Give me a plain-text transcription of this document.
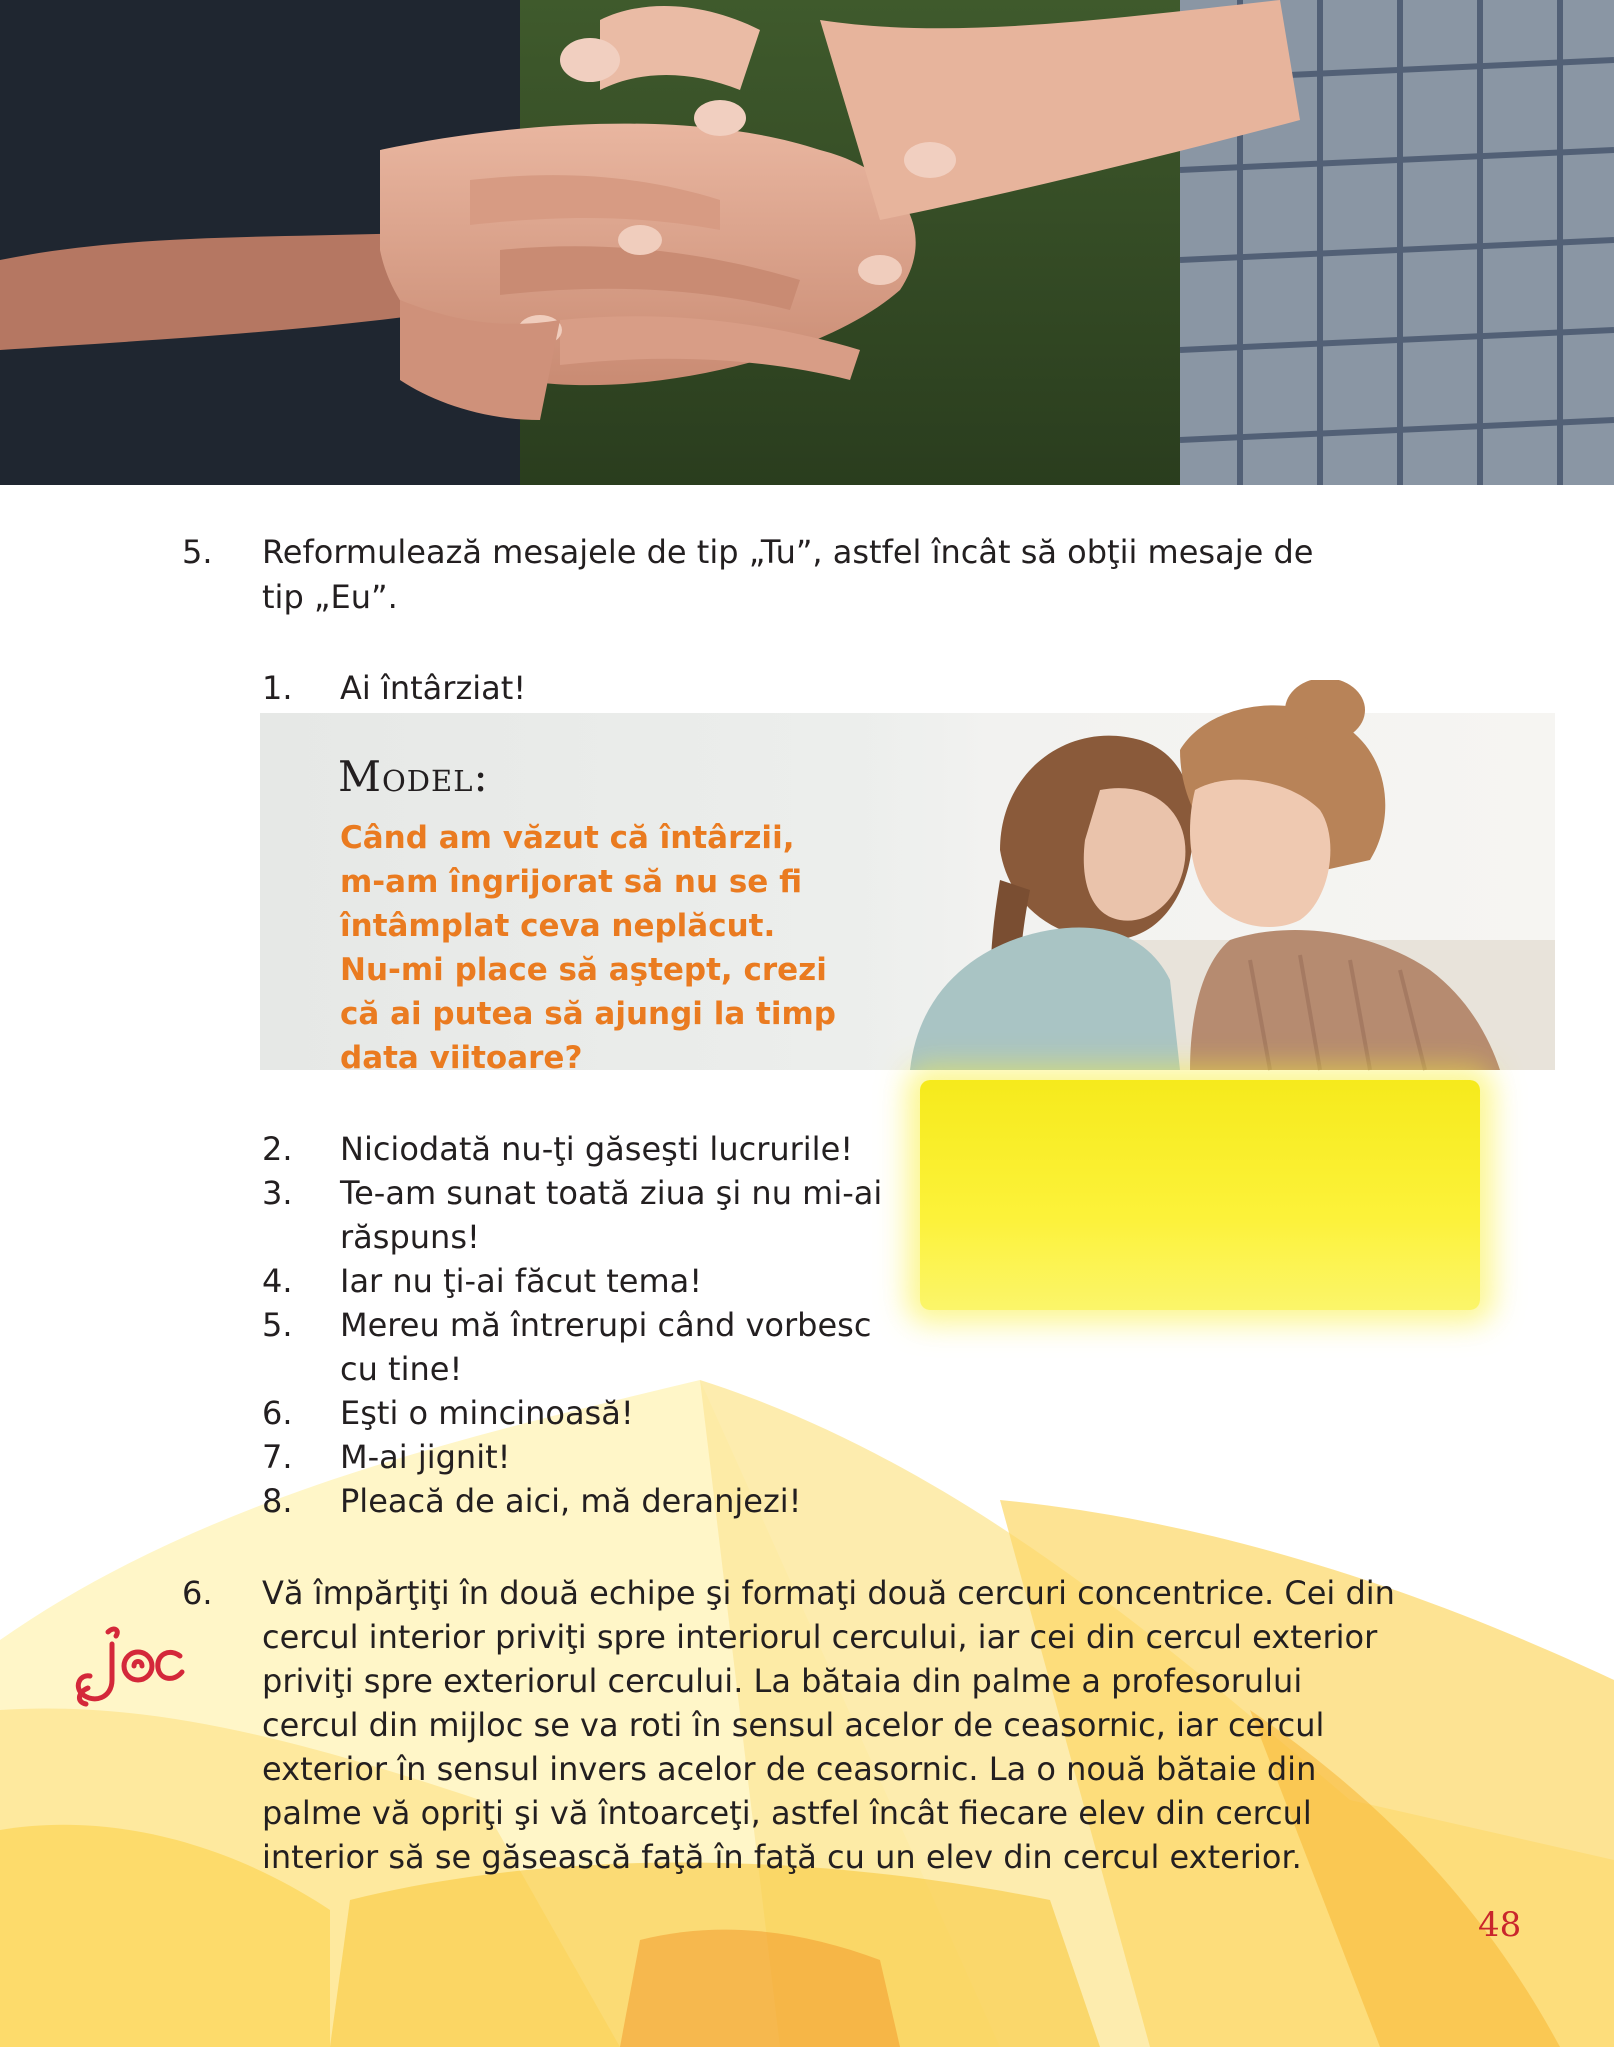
5. Reformulează mesajele de tip „Tu”, astfel încât să obţii mesaje de
tip „Eu”.
1. Ai întârziat!
Model:
Când am văzut că întârzii,
m-am îngrijorat să nu se fi
întâmplat ceva neplăcut.
Nu-mi place să aştept, crezi
că ai putea să ajungi la timp
data viitoare?
2. Niciodată nu-ţi găseşti lucrurile!
3. Te-am sunat toată ziua şi nu mi-ai
răspuns!
4. Iar nu ţi-ai făcut tema!
5. Mereu mă întrerupi când vorbesc
cu tine!
6. Eşti o mincinoasă!
7. M-ai jignit!
8. Pleacă de aici, mă deranjezi!
6. Vă împărţiţi în două echipe şi formaţi două cercuri concentrice. Cei din
cercul interior priviţi spre interiorul cercului, iar cei din cercul exterior
priviţi spre exteriorul cercului. La bătaia din palme a profesorului
cercul din mijloc se va roti în sensul acelor de ceasornic, iar cercul
exterior în sensul invers acelor de ceasornic. La o nouă bătaie din
palme vă opriţi şi vă întoarceţi, astfel încât fiecare elev din cercul
interior să se găsească faţă în faţă cu un elev din cercul exterior.
48
